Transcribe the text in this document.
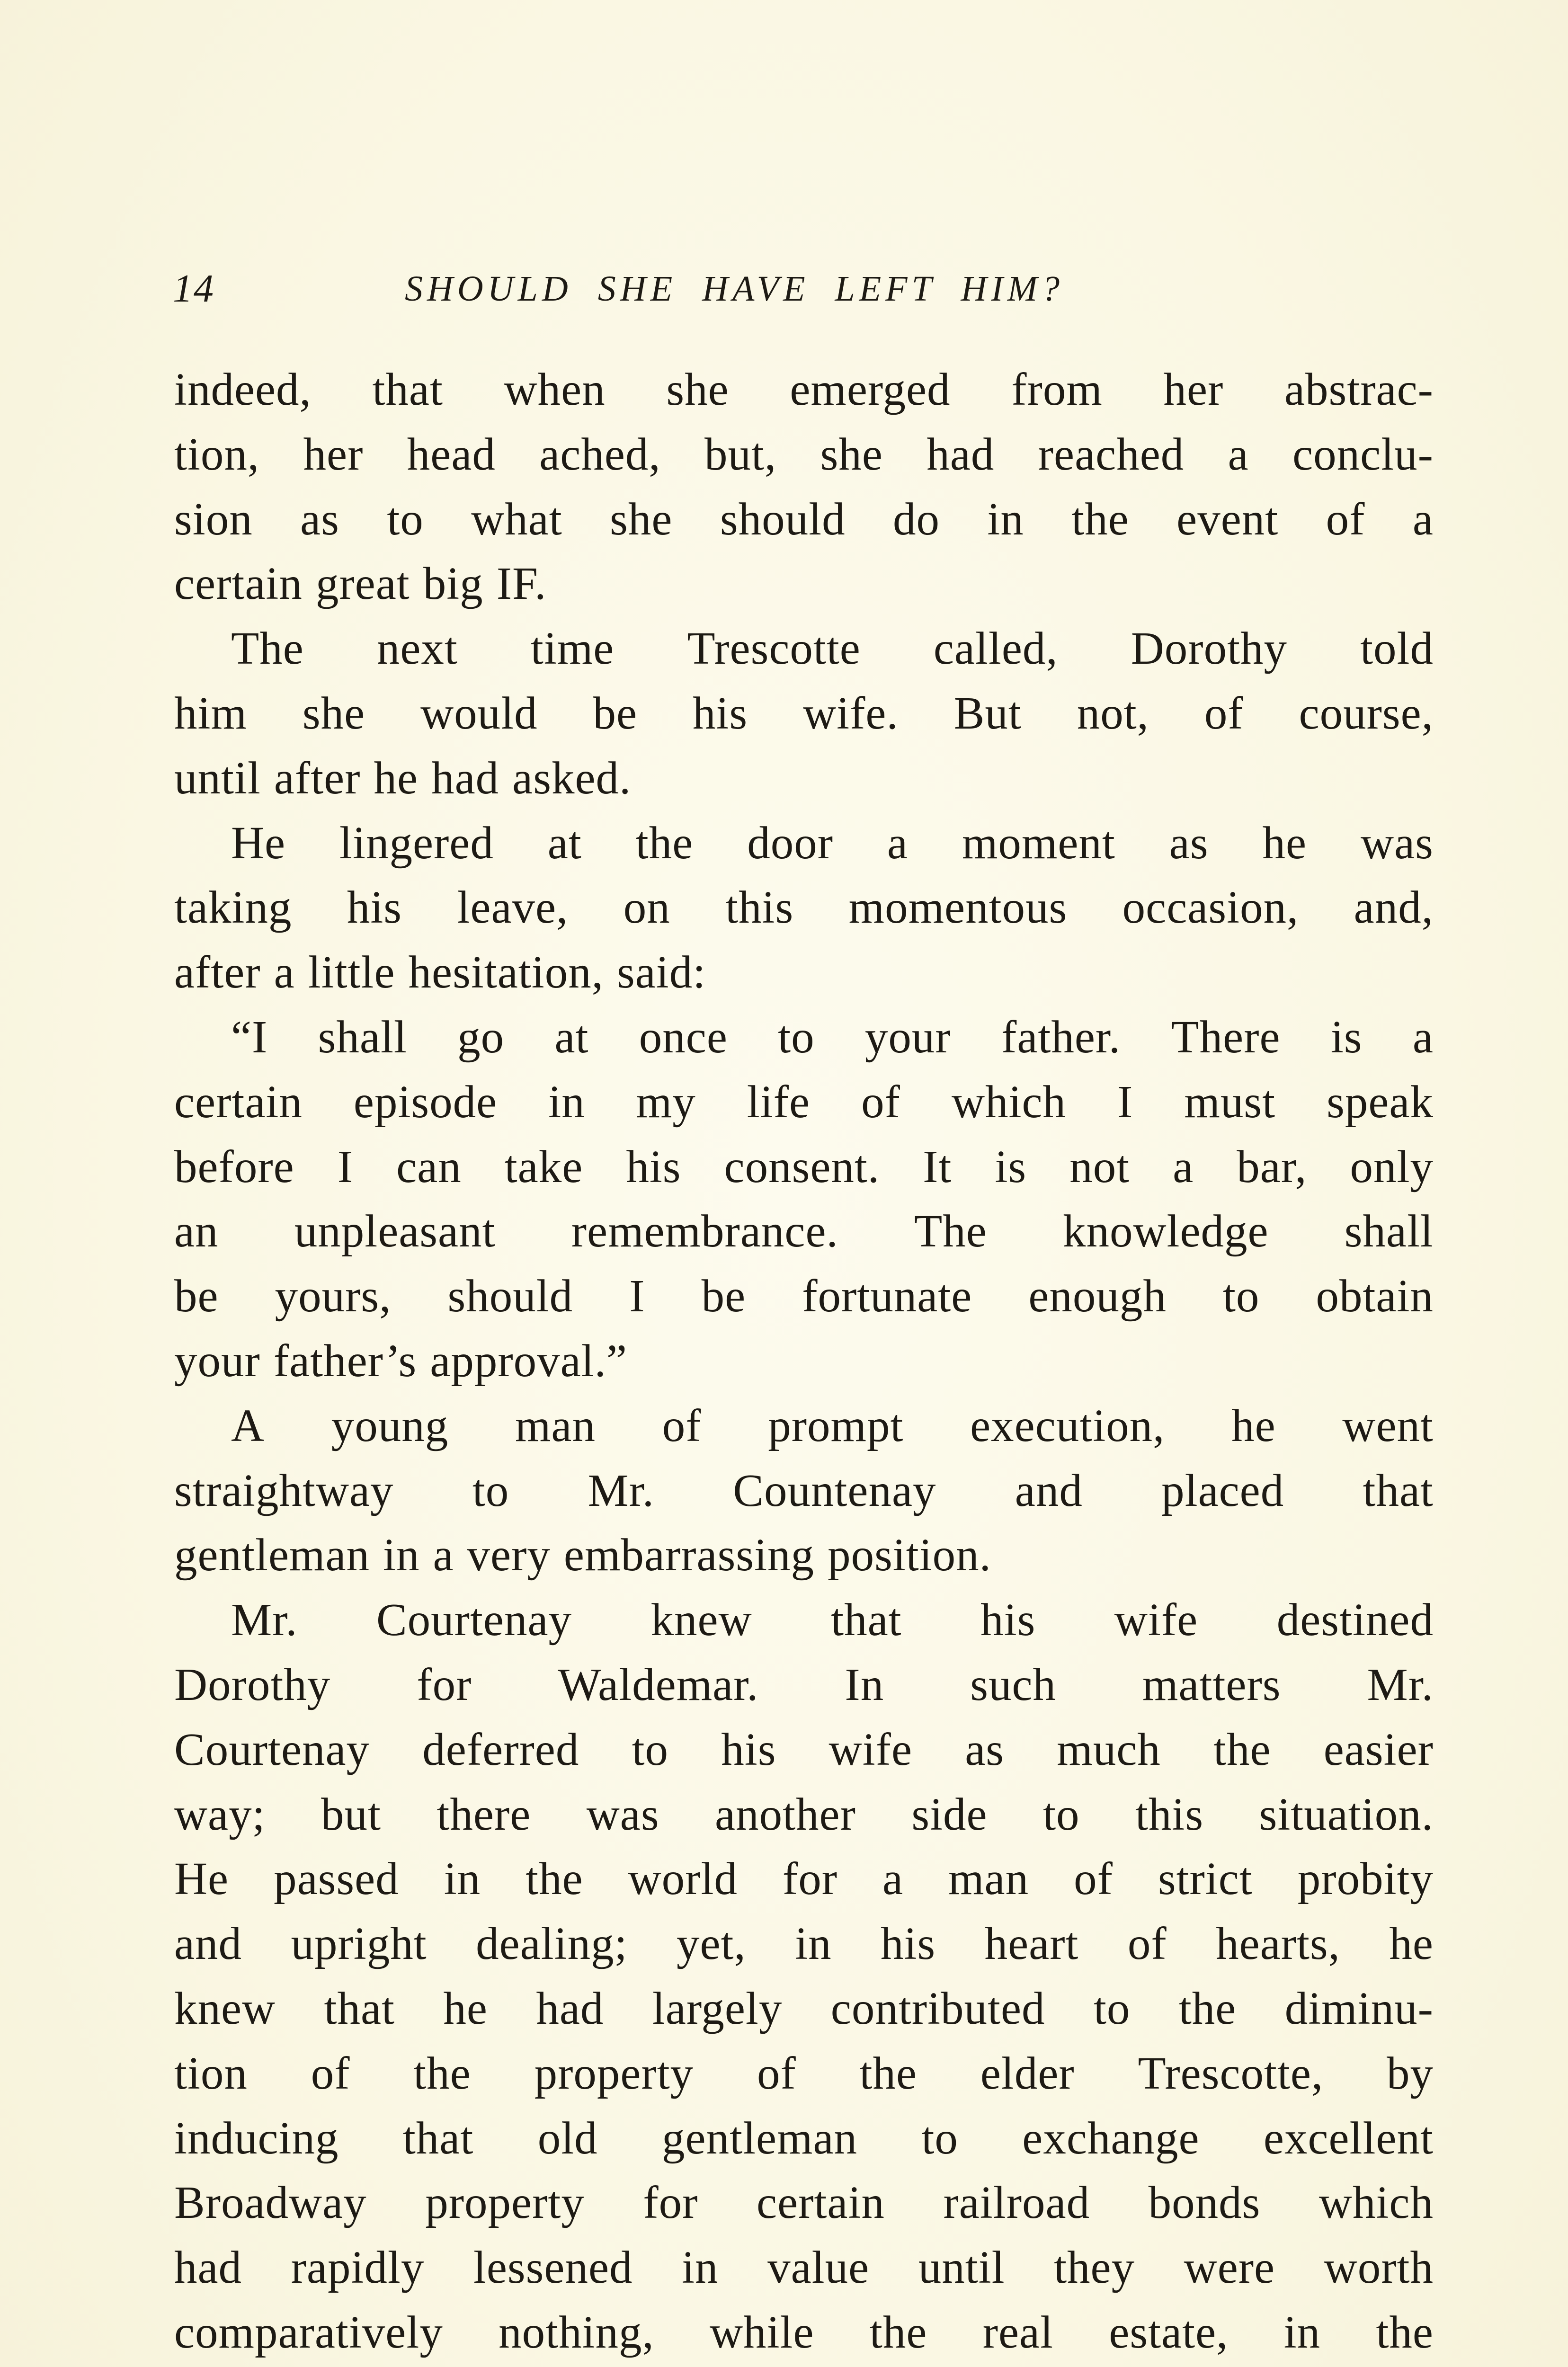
14	SHOULD SHE HAVE LEFT HIM?
indeed, that when she emerged from her abstrac-
tion, her head ached, but, she had reached a conclu-
sion as to what she should do in the event of a
certain great big IF.
The next time Trescotte called, Dorothy told
him she would be his wife. But not, of course,
until after he had asked.
He lingered at the door a moment as he was
taking his leave, on this momentous occasion, and,
after a little hesitation, said:
“I shall go at once to your father. There is a
certain episode in my life of which I must speak
before I can take his consent. It is not a bar, only
an unpleasant remembrance. The knowledge shall
be yours, should I be fortunate enough to obtain
your father’s approval.”
A young man of prompt execution, he went
straightway to Mr. Countenay and placed that
gentleman in a very embarrassing position.
Mr. Courtenay knew that his wife destined
Dorothy for Waldemar. In such matters Mr.
Courtenay deferred to his wife as much the easier
way; but there was another side to this situation.
He passed in the world for a man of strict probity
and upright dealing; yet, in his heart of hearts, he
knew that he had largely contributed to the diminu-
tion of the property of the elder Trescotte, by
inducing that old gentleman to exchange excellent
Broadway property for certain railroad bonds which
had rapidly lessened in value until they were worth
comparatively nothing, while the real estate, in the
